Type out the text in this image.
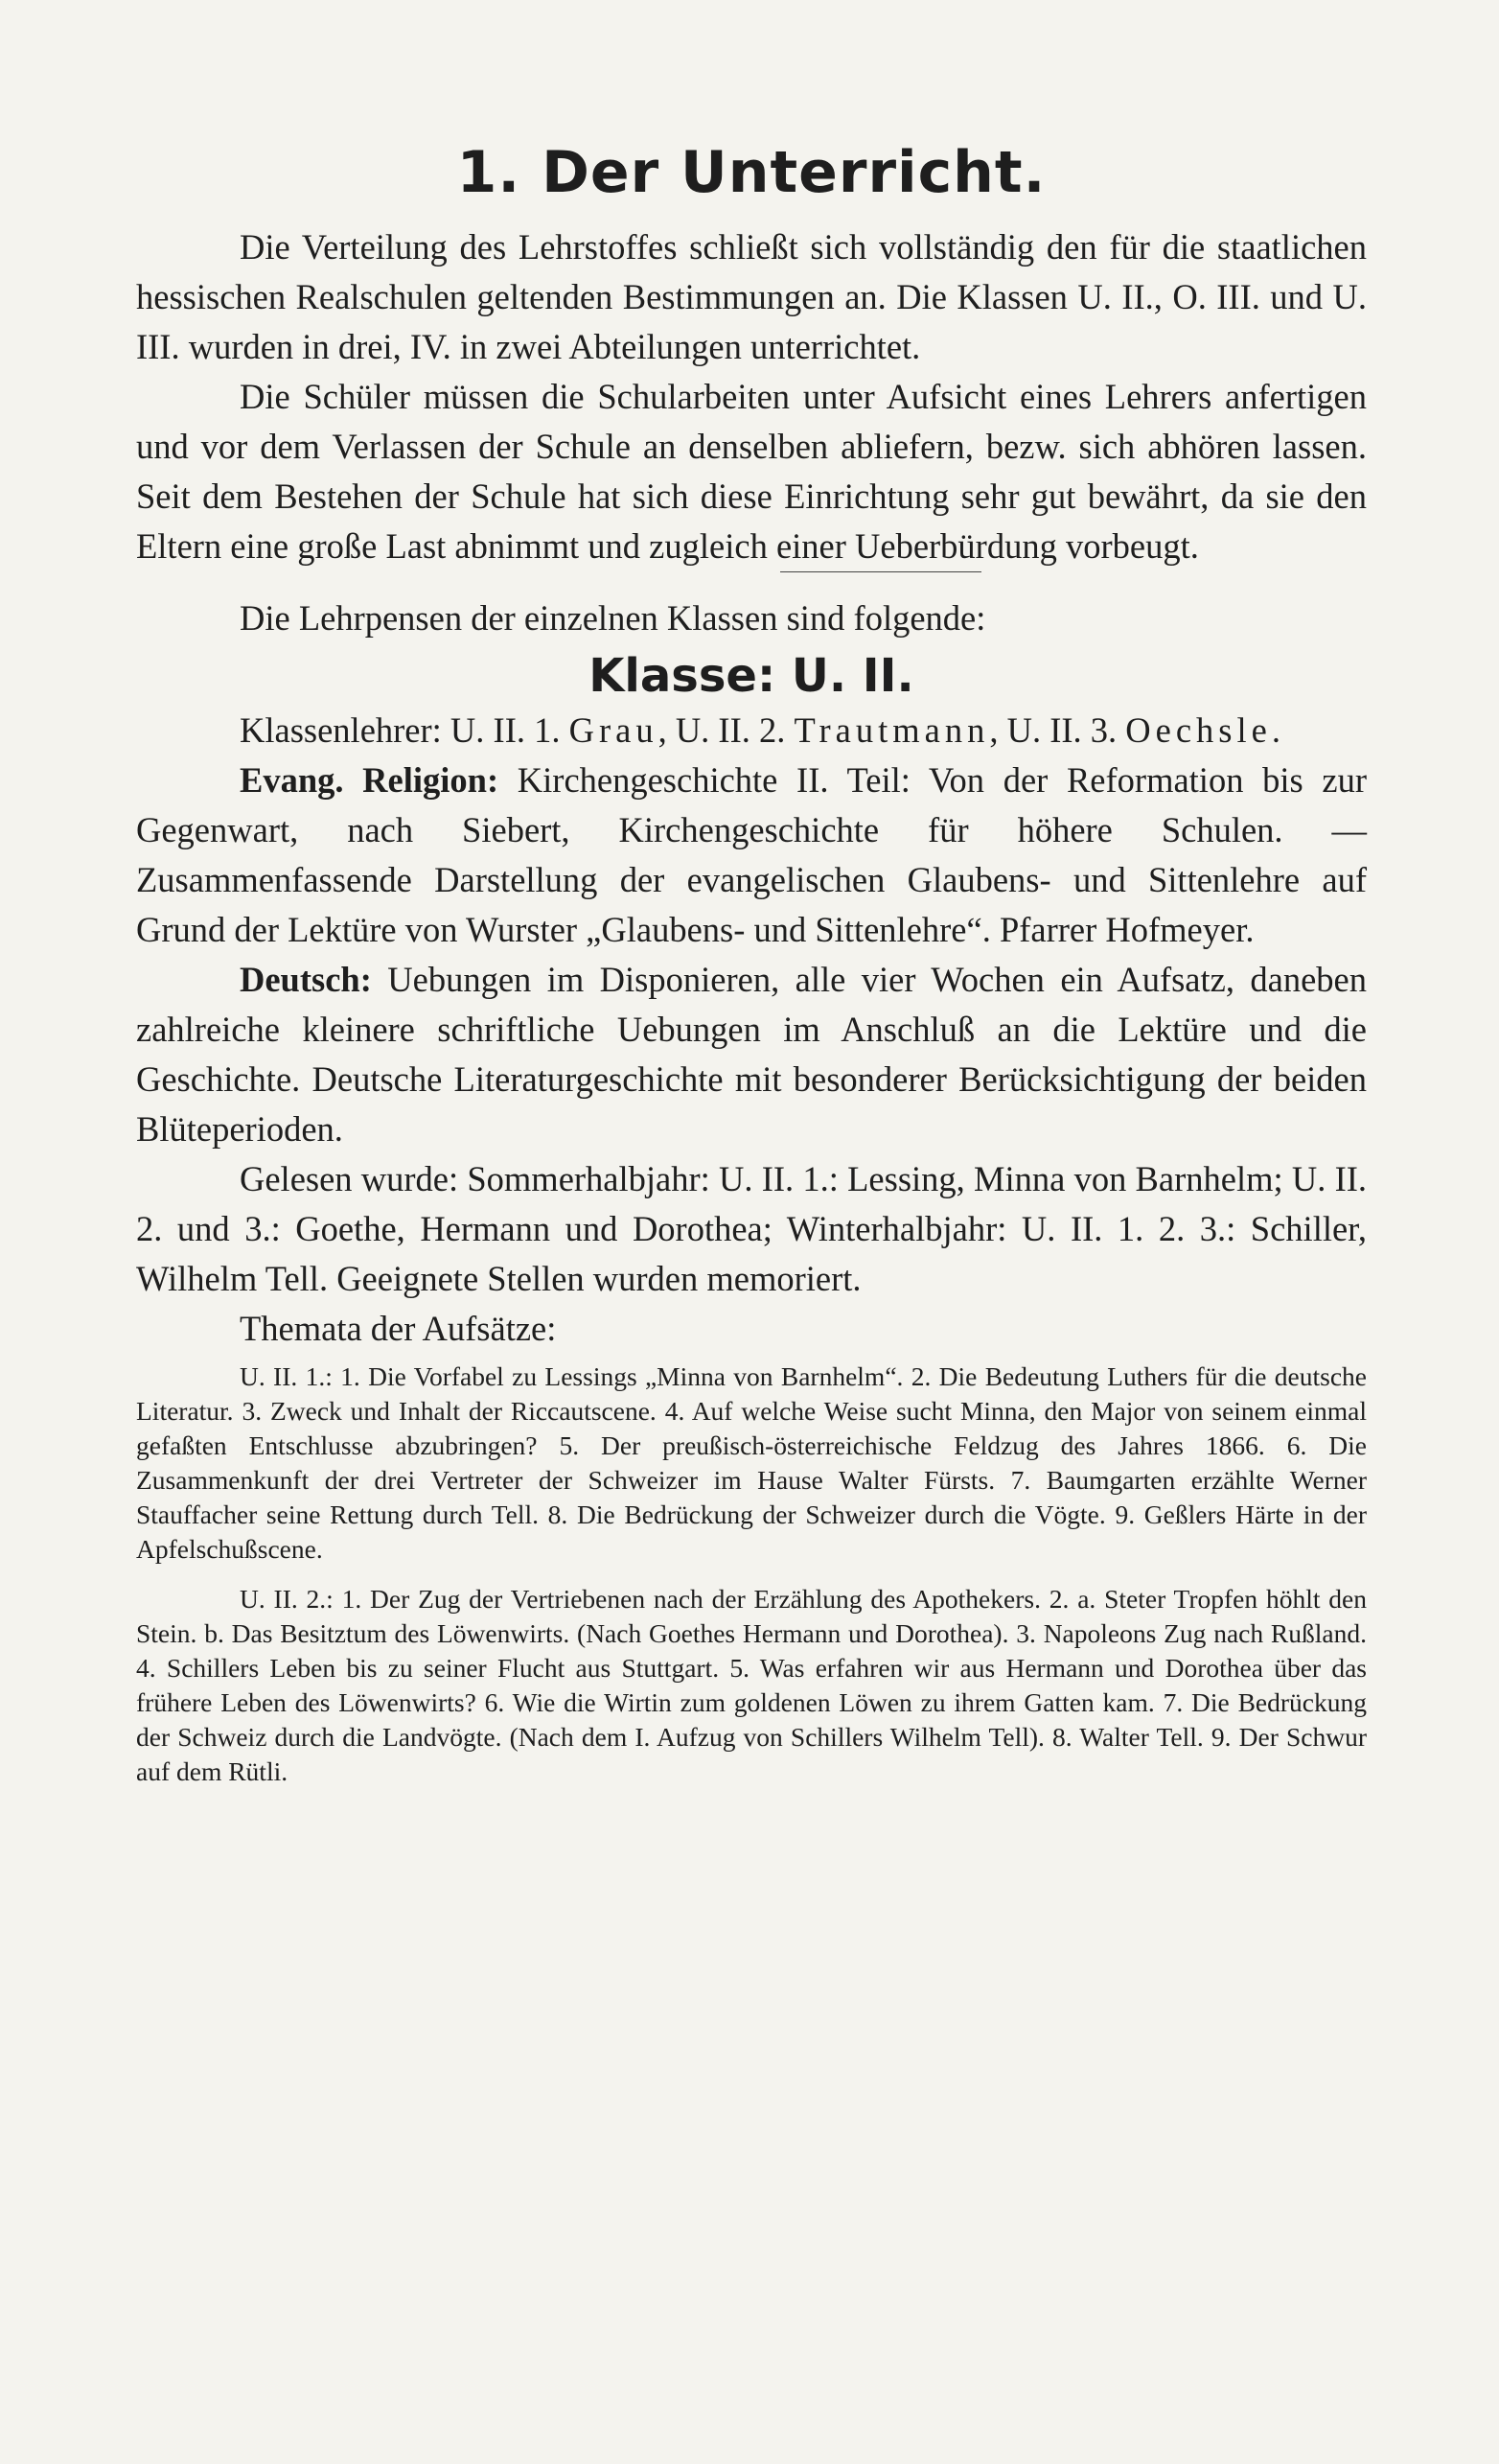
1. Der Unterricht.

Die Verteilung des Lehrstoffes schließt sich vollständig den für die staatlichen hessischen Realschulen geltenden Bestimmungen an. Die Klassen U. II., O. III. und U. III. wurden in drei, IV. in zwei Abteilungen unterrichtet.

Die Schüler müssen die Schularbeiten unter Aufsicht eines Lehrers anfertigen und vor dem Verlassen der Schule an denselben abliefern, bezw. sich abhören lassen. Seit dem Bestehen der Schule hat sich diese Einrichtung sehr gut bewährt, da sie den Eltern eine große Last abnimmt und zugleich einer Ueberbürdung vorbeugt.

Die Lehrpensen der einzelnen Klassen sind folgende:

Klasse: U. II.

Klassenlehrer: U. II. 1. Grau, U. II. 2. Trautmann, U. II. 3. Oechsle.

Evang. Religion: Kirchengeschichte II. Teil: Von der Reformation bis zur Gegenwart, nach Siebert, Kirchengeschichte für höhere Schulen. — Zusammenfassende Darstellung der evangelischen Glaubens- und Sittenlehre auf Grund der Lektüre von Wurster „Glaubens- und Sittenlehre“. Pfarrer Hofmeyer.

Deutsch: Uebungen im Disponieren, alle vier Wochen ein Aufsatz, daneben zahlreiche kleinere schriftliche Uebungen im Anschluß an die Lektüre und die Geschichte. Deutsche Literaturgeschichte mit besonderer Berücksichtigung der beiden Blüteperioden.

Gelesen wurde: Sommerhalbjahr: U. II. 1.: Lessing, Minna von Barnhelm; U. II. 2. und 3.: Goethe, Hermann und Dorothea; Winterhalbjahr: U. II. 1. 2. 3.: Schiller, Wilhelm Tell. Geeignete Stellen wurden memoriert.

Themata der Aufsätze:

U. II. 1.: 1. Die Vorfabel zu Lessings „Minna von Barnhelm“. 2. Die Bedeutung Luthers für die deutsche Literatur. 3. Zweck und Inhalt der Riccautscene. 4. Auf welche Weise sucht Minna, den Major von seinem einmal gefaßten Entschlusse abzubringen? 5. Der preußisch-österreichische Feldzug des Jahres 1866. 6. Die Zusammenkunft der drei Vertreter der Schweizer im Hause Walter Fürsts. 7. Baumgarten erzählte Werner Stauffacher seine Rettung durch Tell. 8. Die Bedrückung der Schweizer durch die Vögte. 9. Geßlers Härte in der Apfelschußscene.

U. II. 2.: 1. Der Zug der Vertriebenen nach der Erzählung des Apothekers. 2. a. Steter Tropfen höhlt den Stein. b. Das Besitztum des Löwenwirts. (Nach Goethes Hermann und Dorothea). 3. Napoleons Zug nach Rußland. 4. Schillers Leben bis zu seiner Flucht aus Stuttgart. 5. Was erfahren wir aus Hermann und Dorothea über das frühere Leben des Löwenwirts? 6. Wie die Wirtin zum goldenen Löwen zu ihrem Gatten kam. 7. Die Bedrückung der Schweiz durch die Landvögte. (Nach dem I. Aufzug von Schillers Wilhelm Tell). 8. Walter Tell. 9. Der Schwur auf dem Rütli.
